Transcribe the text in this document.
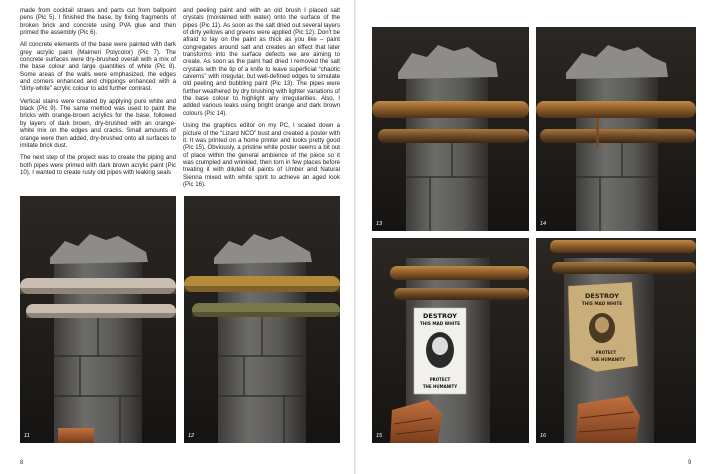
made from cocktail straws and parts cut from ballpoint pens (Pic 5). I finished the base, by fixing fragments of broken brick and concrete using PVA glue and then primed the assembly (Pic 6).

All concrete elements of the base were painted with dark grey acrylic paint (Maimeri Polycolor) (Pic 7). The concrete surfaces were dry-brushed overall with a mix of the base colour and large quantities of white (Pic 8). Some areas of the walls were emphasized, the edges and corners enhanced and chippings enhanced with a “dirty-white” acrylic colour to add further contrast.

Vertical stains were created by applying pure white and black (Pic 9). The same method was used to paint the bricks with orange-brown acrylics for the base, followed by layers of dark brown, dry-brushed with an orange-white mix on the edges and cracks. Small amounts of orange were then added, dry-brushed onto all surfaces to imitate brick dust.

The next step of the project was to create the piping and both pipes were primed with dark brown acrylic paint (Pic 10). I wanted to create rusty old pipes with leaking seals

and peeling paint and with an old brush I placed salt crystals (moistened with water) onto the surface of the pipes (Pic 11). As soon as the salt dried out several layers of dirty yellows and greens were applied (Pic 12). Don't be afraid to lay on the paint as thick as you like – paint congregates around salt and creates an effect that later transforms into the surface defects we are aiming to create. As soon as the paint had dried I removed the salt crystals with the tip of a knife to leave superficial “chaotic caverns” with irregular, but well-defined edges to simulate old peeling and bubbling paint (Pic 13). The pipes were further weathered by dry brushing with lighter variations of the base colour to highlight any irregularities. Also, I added various leaks using bright orange and dark brown colours (Pic 14).

Using the graphics editor on my PC, I scaled down a picture of the “Lizard NCO” bust and created a poster with it. It was printed on a home printer and looks pretty good (Pic 15). Obviously, a pristine white poster seems a bit out of place within the general ambience of the piece so it was crumpled and wrinkled, then torn in few places before treating it with diluted oil paints of Umber and Natural Sienna mixed with white spirit to achieve an aged look (Pic 16).

11	12
8
13	14
DESTROY
THIS MAD WHITE
PROTECT
THE HUMANITY
15
DESTROY
THIS MAD WHITE
PROTECT
THE HUMANITY
16
9
